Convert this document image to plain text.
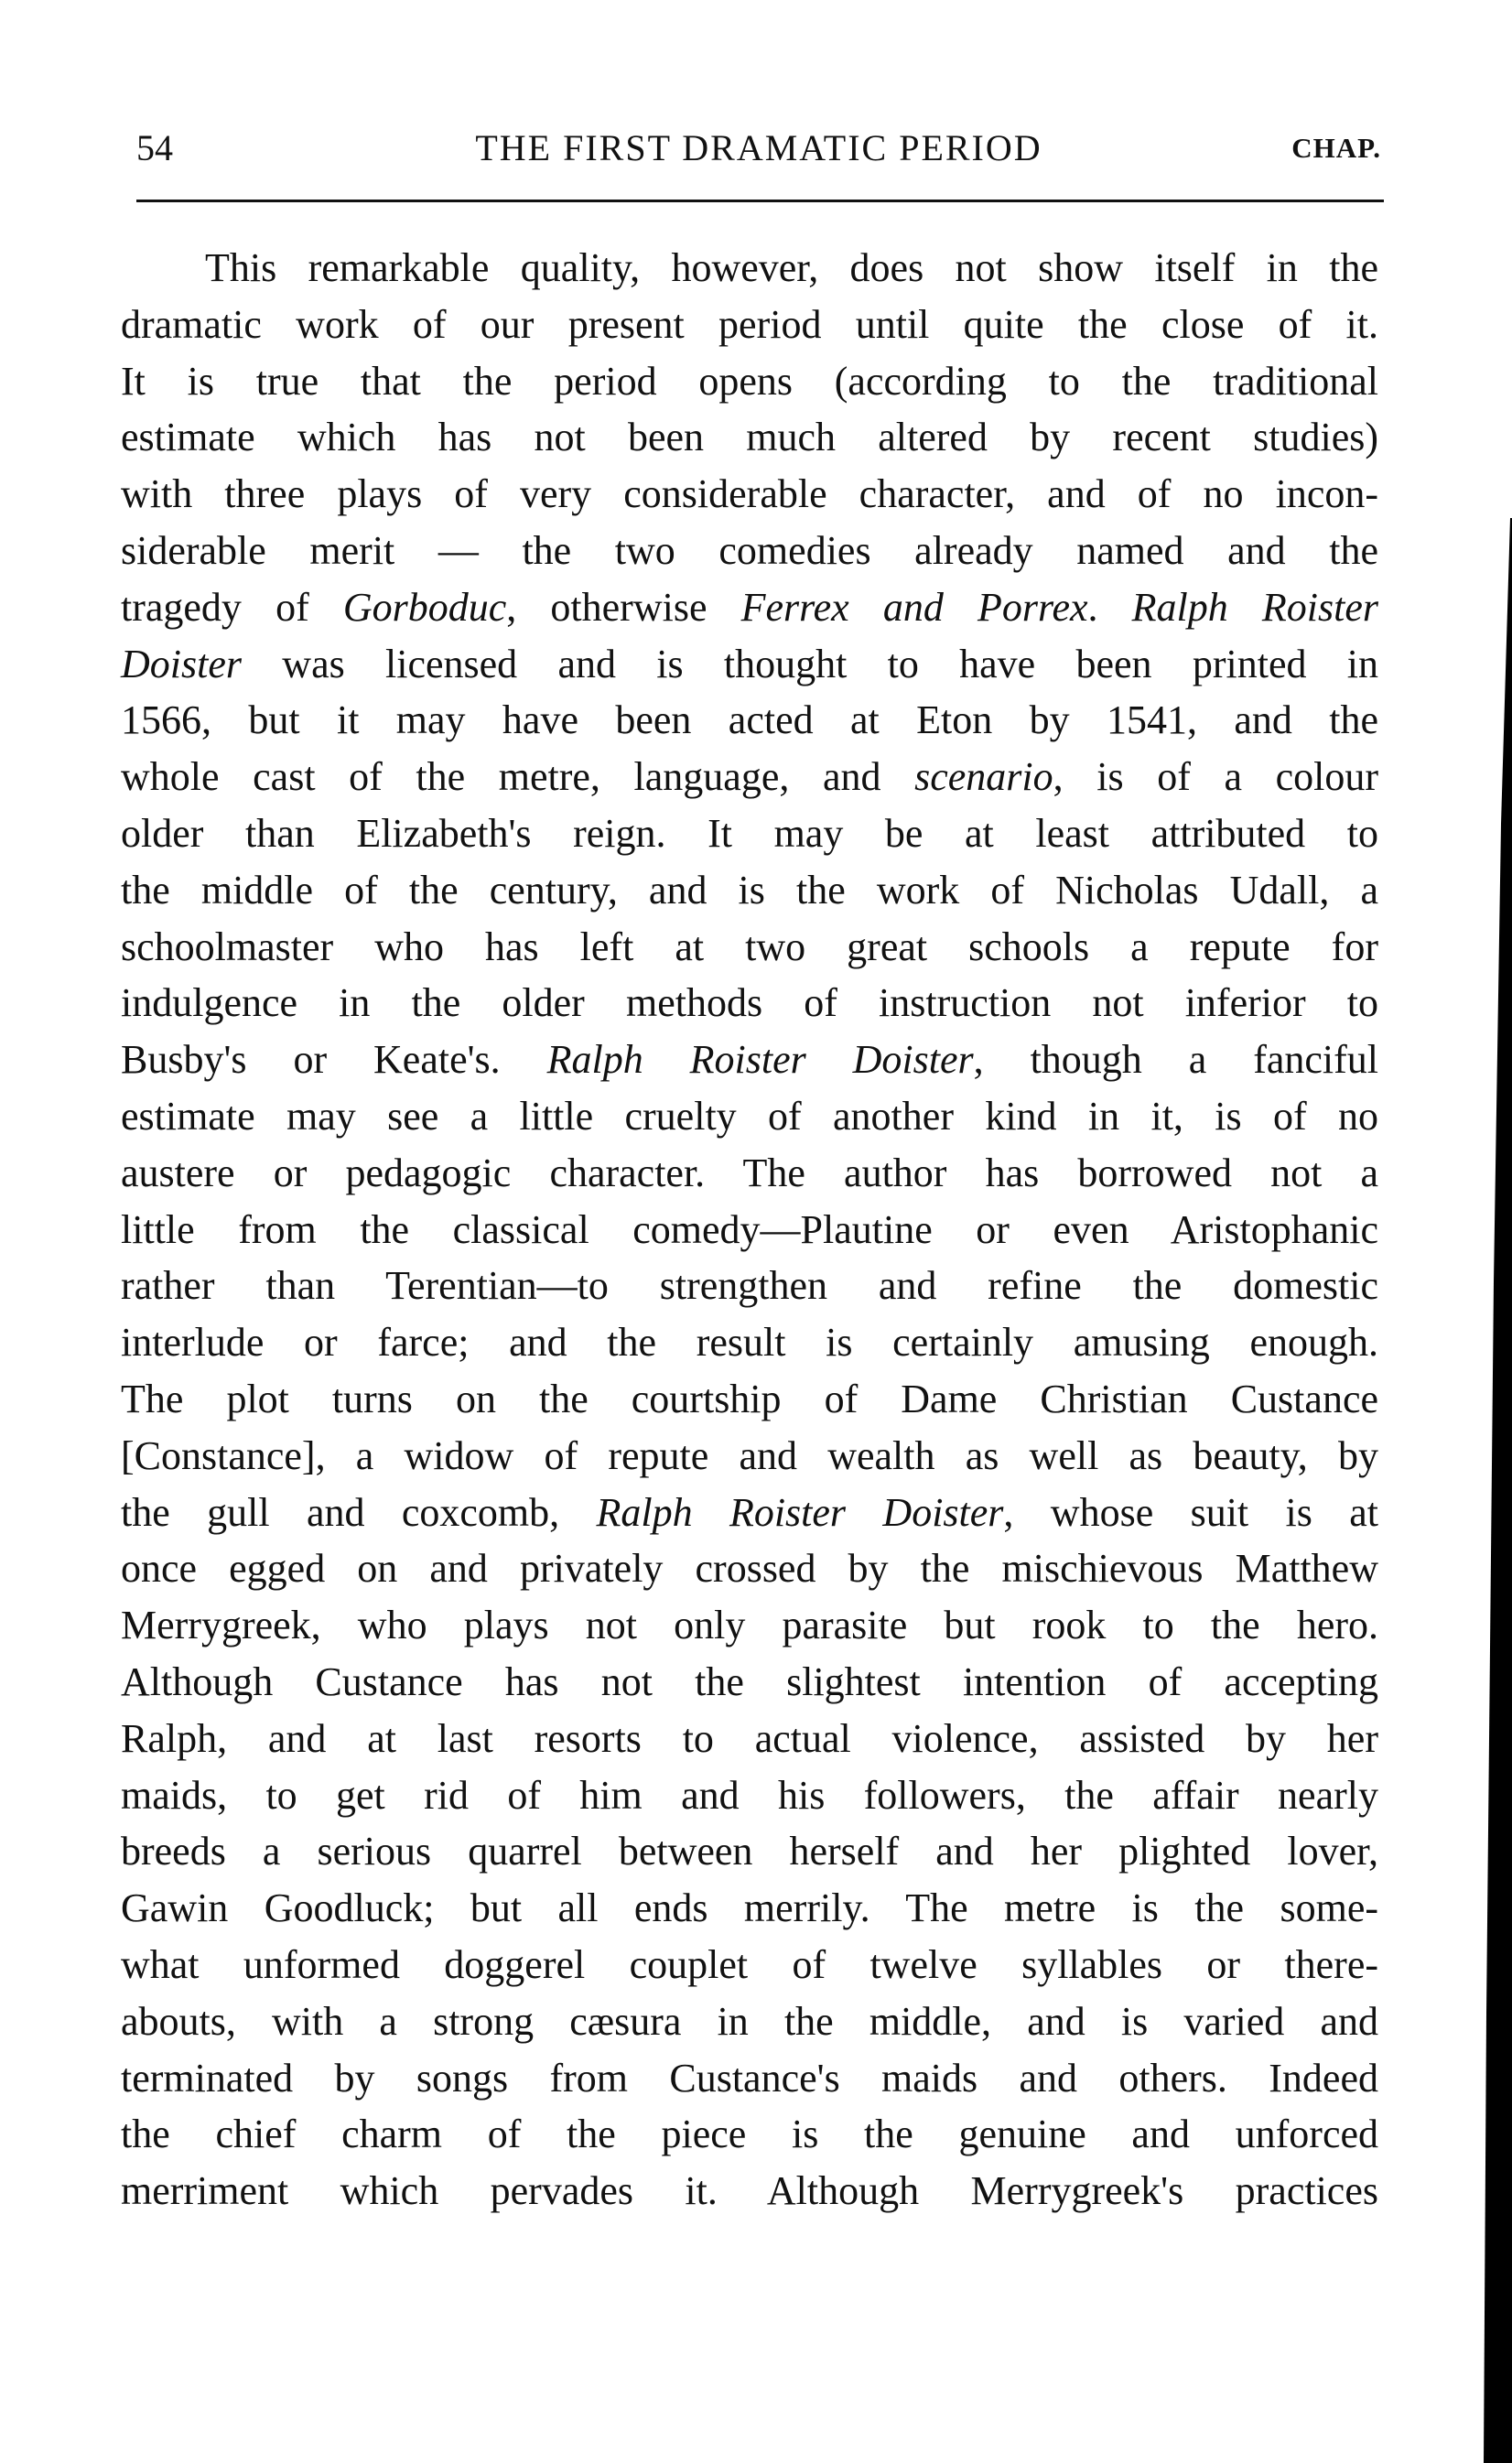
54	THE FIRST DRAMATIC PERIOD	CHAP.
This remarkable quality, however, does not show itself in the
dramatic work of our present period until quite the close of it.
It is true that the period opens (according to the traditional
estimate which has not been much altered by recent studies)
with three plays of very considerable character, and of no incon-
siderable merit — the two comedies already named and the
tragedy of Gorboduc, otherwise Ferrex and Porrex. Ralph Roister
Doister was licensed and is thought to have been printed in
1566, but it may have been acted at Eton by 1541, and the
whole cast of the metre, language, and scenario, is of a colour
older than Elizabeth's reign. It may be at least attributed to
the middle of the century, and is the work of Nicholas Udall, a
schoolmaster who has left at two great schools a repute for
indulgence in the older methods of instruction not inferior to
Busby's or Keate's. Ralph Roister Doister, though a fanciful
estimate may see a little cruelty of another kind in it, is of no
austere or pedagogic character. The author has borrowed not a
little from the classical comedy—Plautine or even Aristophanic
rather than Terentian—to strengthen and refine the domestic
interlude or farce; and the result is certainly amusing enough.
The plot turns on the courtship of Dame Christian Custance
[Constance], a widow of repute and wealth as well as beauty, by
the gull and coxcomb, Ralph Roister Doister, whose suit is at
once egged on and privately crossed by the mischievous Matthew
Merrygreek, who plays not only parasite but rook to the hero.
Although Custance has not the slightest intention of accepting
Ralph, and at last resorts to actual violence, assisted by her
maids, to get rid of him and his followers, the affair nearly
breeds a serious quarrel between herself and her plighted lover,
Gawin Goodluck; but all ends merrily. The metre is the some-
what unformed doggerel couplet of twelve syllables or there-
abouts, with a strong cæsura in the middle, and is varied and
terminated by songs from Custance's maids and others. Indeed
the chief charm of the piece is the genuine and unforced
merriment which pervades it. Although Merrygreek's practices
